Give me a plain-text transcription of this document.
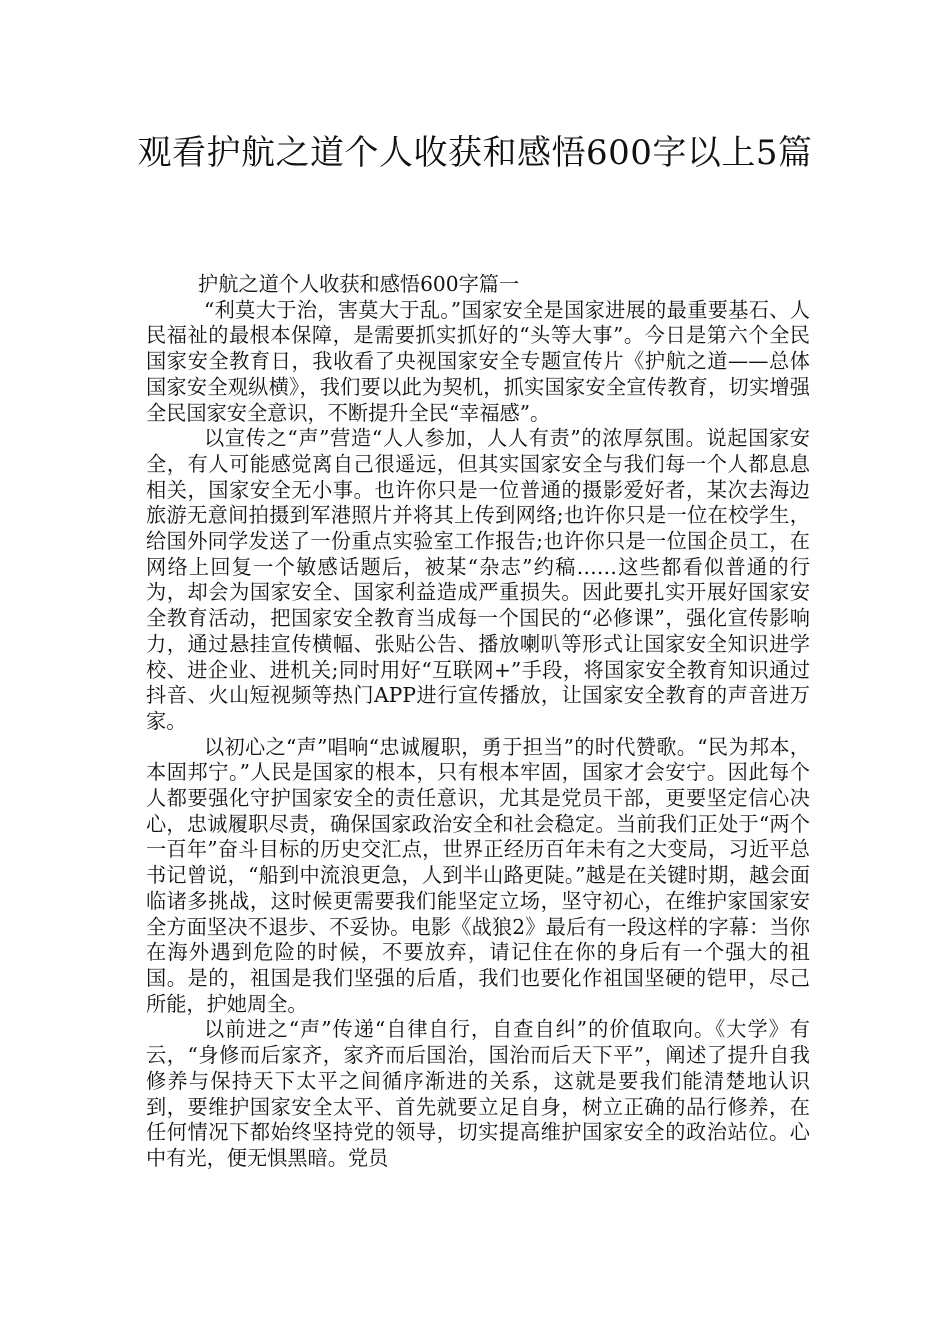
观看护航之道个人收获和感悟600字以上5篇

护航之道个人收获和感悟600字篇一

“利莫大于治，害莫大于乱。”国家安全是国家进展的最重要基石、人民福祉的最根本保障，是需要抓实抓好的“头等大事”。今日是第六个全民国家安全教育日，我收看了央视国家安全专题宣传片《护航之道——总体国家安全观纵横》，我们要以此为契机，抓实国家安全宣传教育，切实增强全民国家安全意识，不断提升全民“幸福感”。

以宣传之“声”营造“人人参加，人人有责”的浓厚氛围。说起国家安全，有人可能感觉离自己很遥远，但其实国家安全与我们每一个人都息息相关，国家安全无小事。也许你只是一位普通的摄影爱好者，某次去海边旅游无意间拍摄到军港照片并将其上传到网络;也许你只是一位在校学生，给国外同学发送了一份重点实验室工作报告;也许你只是一位国企员工，在网络上回复一个敏感话题后，被某“杂志”约稿……这些都看似普通的行为，却会为国家安全、国家利益造成严重损失。因此要扎实开展好国家安全教育活动，把国家安全教育当成每一个国民的“必修课”，强化宣传影响力，通过悬挂宣传横幅、张贴公告、播放喇叭等形式让国家安全知识进学校、进企业、进机关;同时用好“互联网+”手段，将国家安全教育知识通过抖音、火山短视频等热门APP进行宣传播放，让国家安全教育的声音进万家。

以初心之“声”唱响“忠诚履职，勇于担当”的时代赞歌。“民为邦本，本固邦宁。”人民是国家的根本，只有根本牢固，国家才会安宁。因此每个人都要强化守护国家安全的责任意识，尤其是党员干部，更要坚定信心决心，忠诚履职尽责，确保国家政治安全和社会稳定。当前我们正处于“两个一百年”奋斗目标的历史交汇点，世界正经历百年未有之大变局，习近平总书记曾说，“船到中流浪更急，人到半山路更陡。”越是在关键时期，越会面临诸多挑战，这时候更需要我们能坚定立场，坚守初心，在维护家国家安全方面坚决不退步、不妥协。电影《战狼2》最后有一段这样的字幕：当你在海外遇到危险的时候，不要放弃，请记住在你的身后有一个强大的祖国。是的，祖国是我们坚强的后盾，我们也要化作祖国坚硬的铠甲，尽己所能，护她周全。

以前进之“声”传递“自律自行，自查自纠”的价值取向。《大学》有云，“身修而后家齐，家齐而后国治，国治而后天下平”，阐述了提升自我修养与保持天下太平之间循序渐进的关系，这就是要我们能清楚地认识到，要维护国家安全太平、首先就要立足自身，树立正确的品行修养，在任何情况下都始终坚持党的领导，切实提高维护国家安全的政治站位。心中有光，便无惧黑暗。党员
